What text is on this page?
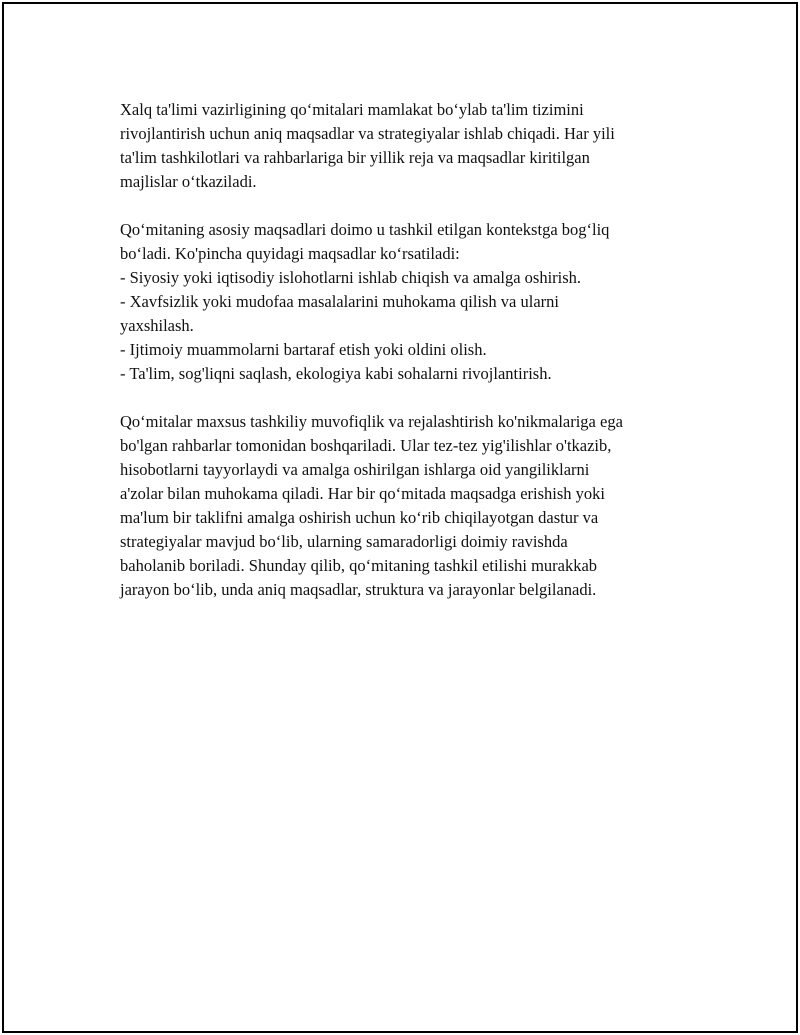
Xalq ta'limi vazirligining qo‘mitalari mamlakat bo‘ylab ta'lim tizimini
rivojlantirish uchun aniq maqsadlar va strategiyalar ishlab chiqadi. Har yili
ta'lim tashkilotlari va rahbarlariga bir yillik reja va maqsadlar kiritilgan
majlislar o‘tkaziladi.

Qo‘mitaning asosiy maqsadlari doimo u tashkil etilgan kontekstga bog‘liq
bo‘ladi. Ko'pincha quyidagi maqsadlar ko‘rsatiladi:
- Siyosiy yoki iqtisodiy islohotlarni ishlab chiqish va amalga oshirish.
- Xavfsizlik yoki mudofaa masalalarini muhokama qilish va ularni
yaxshilash.
- Ijtimoiy muammolarni bartaraf etish yoki oldini olish.
- Ta'lim, sog'liqni saqlash, ekologiya kabi sohalarni rivojlantirish.

Qo‘mitalar maxsus tashkiliy muvofiqlik va rejalashtirish ko'nikmalariga ega
bo'lgan rahbarlar tomonidan boshqariladi. Ular tez-tez yig'ilishlar o'tkazib,
hisobotlarni tayyorlaydi va amalga oshirilgan ishlarga oid yangiliklarni
a'zolar bilan muhokama qiladi. Har bir qo‘mitada maqsadga erishish yoki
ma'lum bir taklifni amalga oshirish uchun ko‘rib chiqilayotgan dastur va
strategiyalar mavjud bo‘lib, ularning samaradorligi doimiy ravishda
baholanib boriladi. Shunday qilib, qo‘mitaning tashkil etilishi murakkab
jarayon bo‘lib, unda aniq maqsadlar, struktura va jarayonlar belgilanadi.
